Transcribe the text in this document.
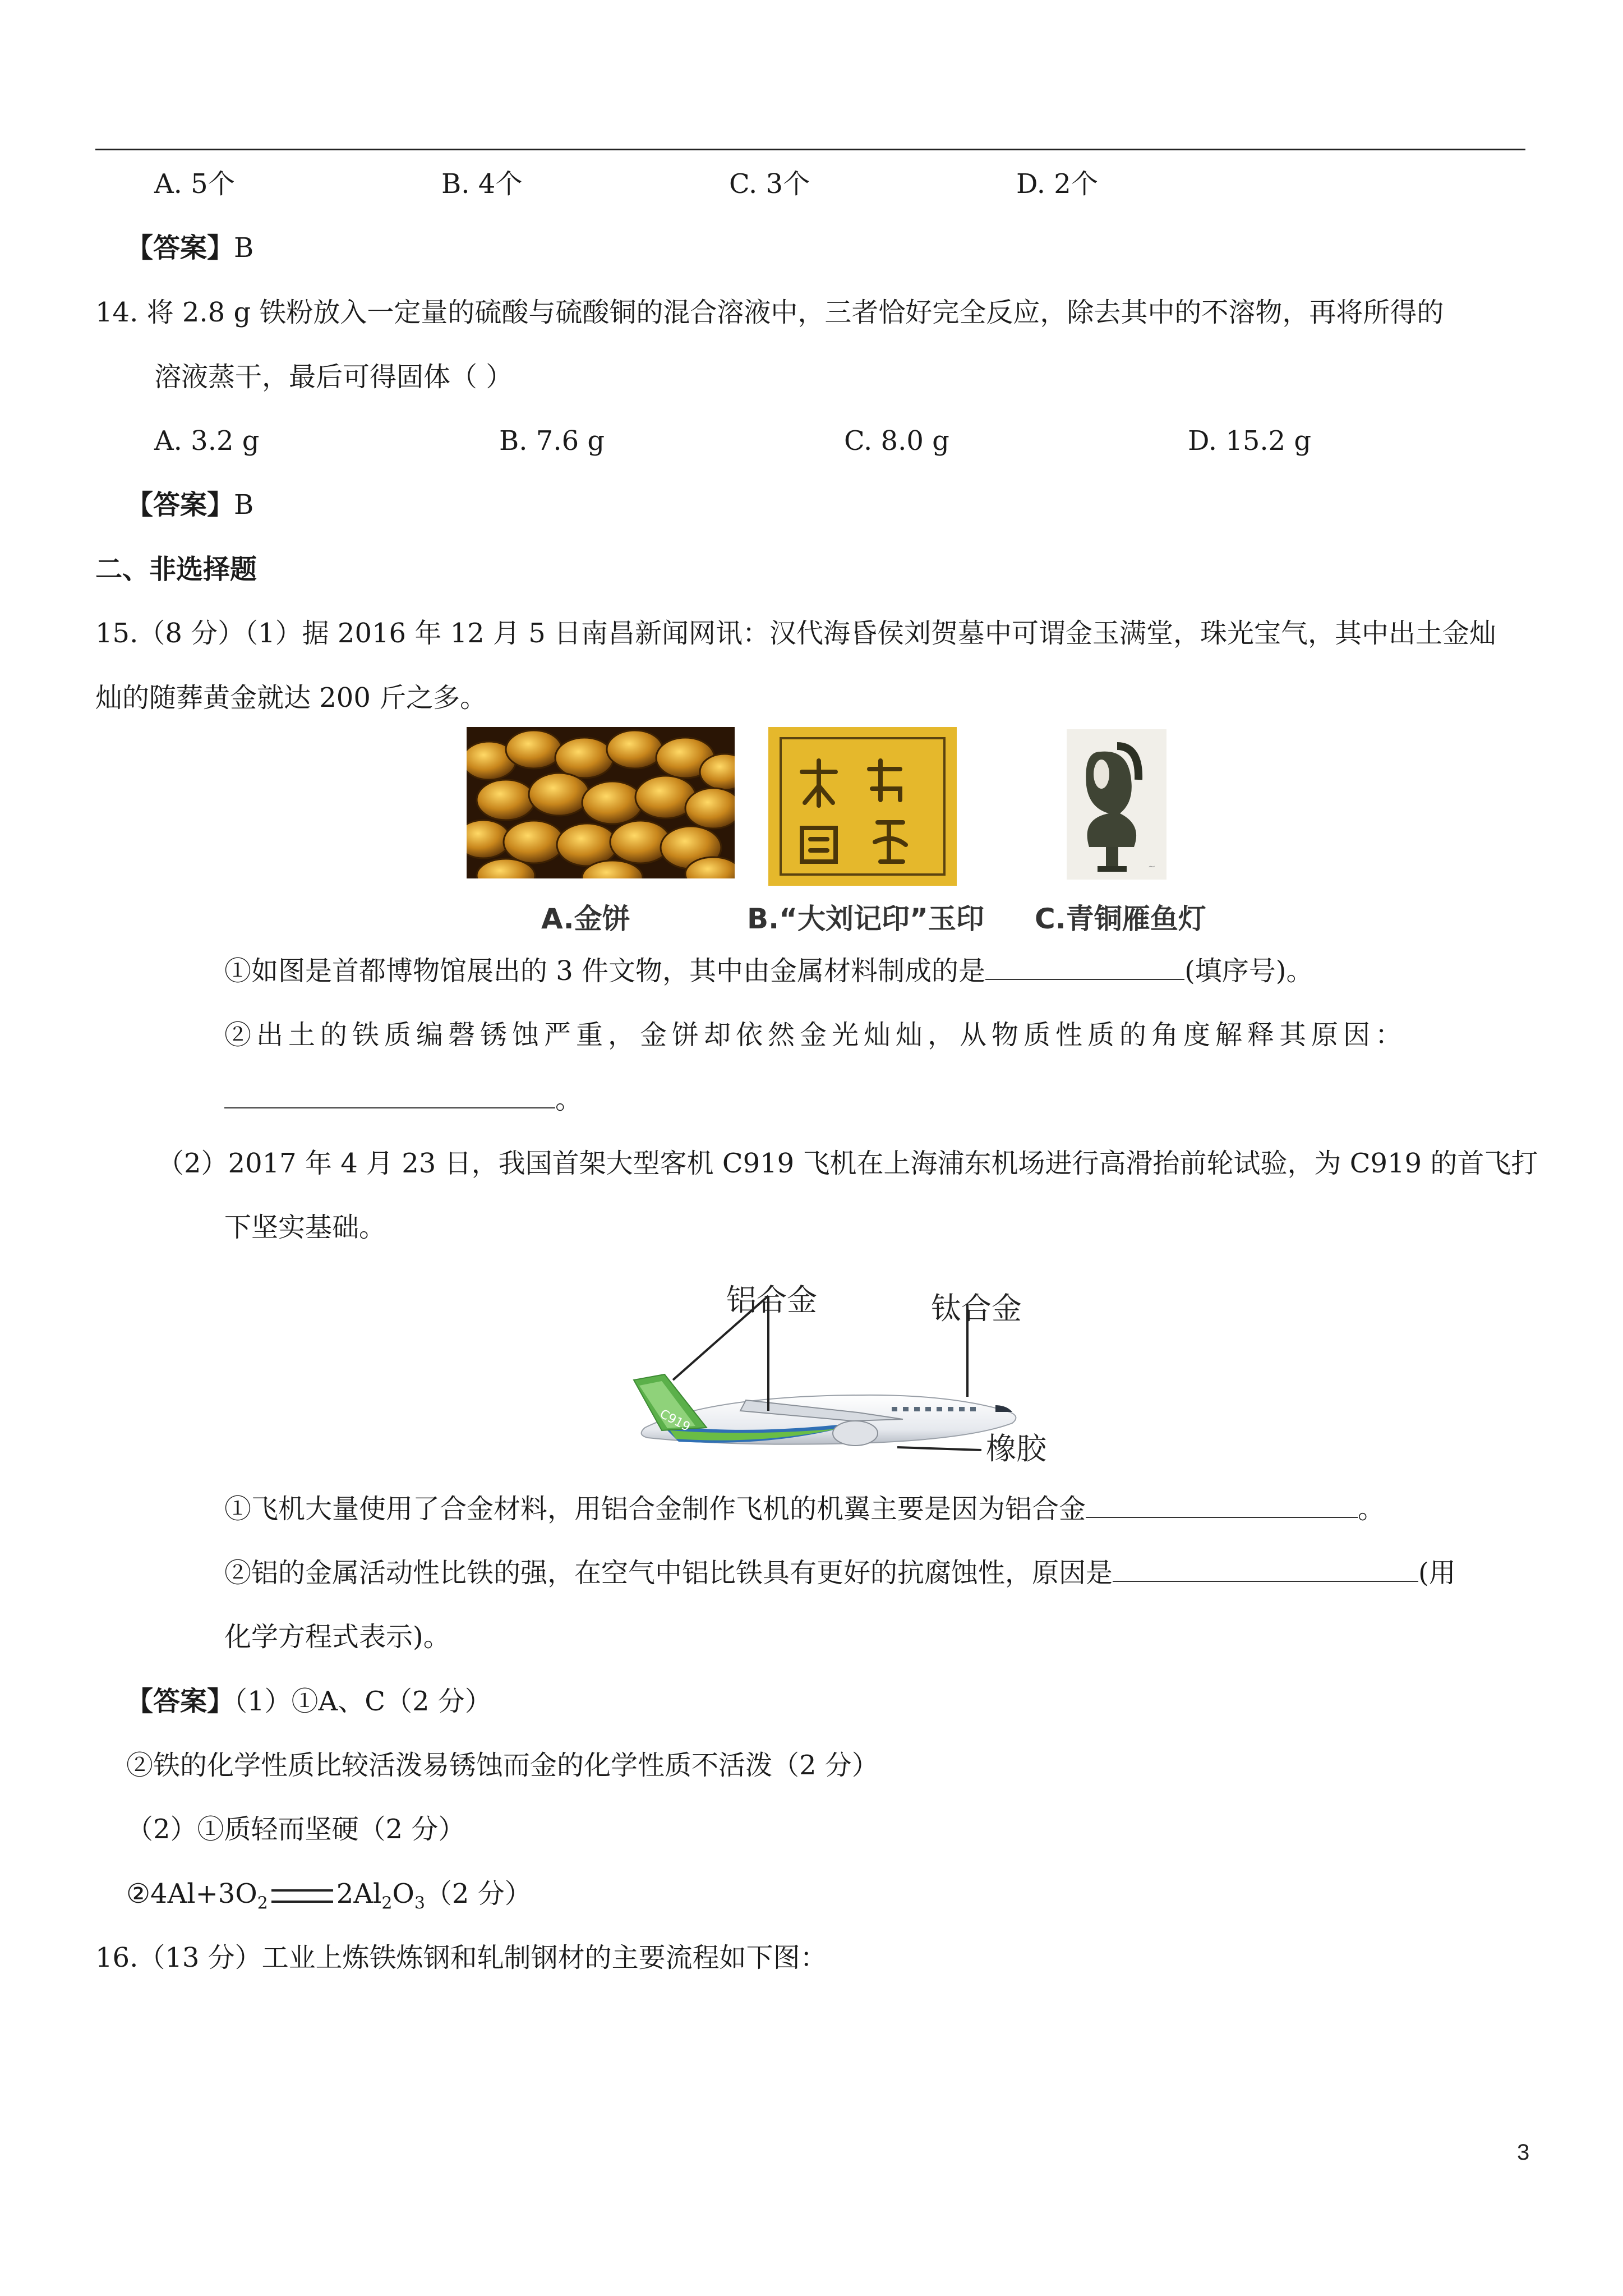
A. 5个	B. 4个	C. 3个	D. 2个
【答案】B
14. 将 2.8 g 铁粉放入一定量的硫酸与硫酸铜的混合溶液中，三者恰好完全反应，除去其中的不溶物，再将所得的
溶液蒸干，最后可得固体（ ）
A. 3.2 g	B. 7.6 g	C. 8.0 g	D. 15.2 g
【答案】B
二、非选择题
15.（8 分）（1）据 2016 年 12 月 5 日南昌新闻网讯：汉代海昏侯刘贺墓中可谓金玉满堂，珠光宝气，其中出土金灿
灿的随葬黄金就达 200 斤之多。
~
A.金饼	B.“大刘记印”玉印 C.青铜雁鱼灯
①如图是首都博物馆展出的 3 件文物，其中由金属材料制成的是	(填序号)。
②出土的铁质编磬锈蚀严重，金饼却依然金光灿灿，从物质性质的角度解释其原因：
。
（2）2017 年 4 月 23 日，我国首架大型客机 C919 飞机在上海浦东机场进行高滑抬前轮试验，为 C919 的首飞打
下坚实基础。
C919
铝合金	钛合金
橡胶
①飞机大量使用了合金材料，用铝合金制作飞机的机翼主要是因为铝合金	。
②铝的金属活动性比铁的强，在空气中铝比铁具有更好的抗腐蚀性，原因是	(用
化学方程式表示)。
【答案】（1）①A、C（2 分）
②铁的化学性质比较活泼易锈蚀而金的化学性质不活泼（2 分）
（2）①质轻而坚硬（2 分）
$②4Al+3O_2$	$2Al_2O_3(2$ 分）
16.（13 分）工业上炼铁炼钢和轧制钢材的主要流程如下图：
3
